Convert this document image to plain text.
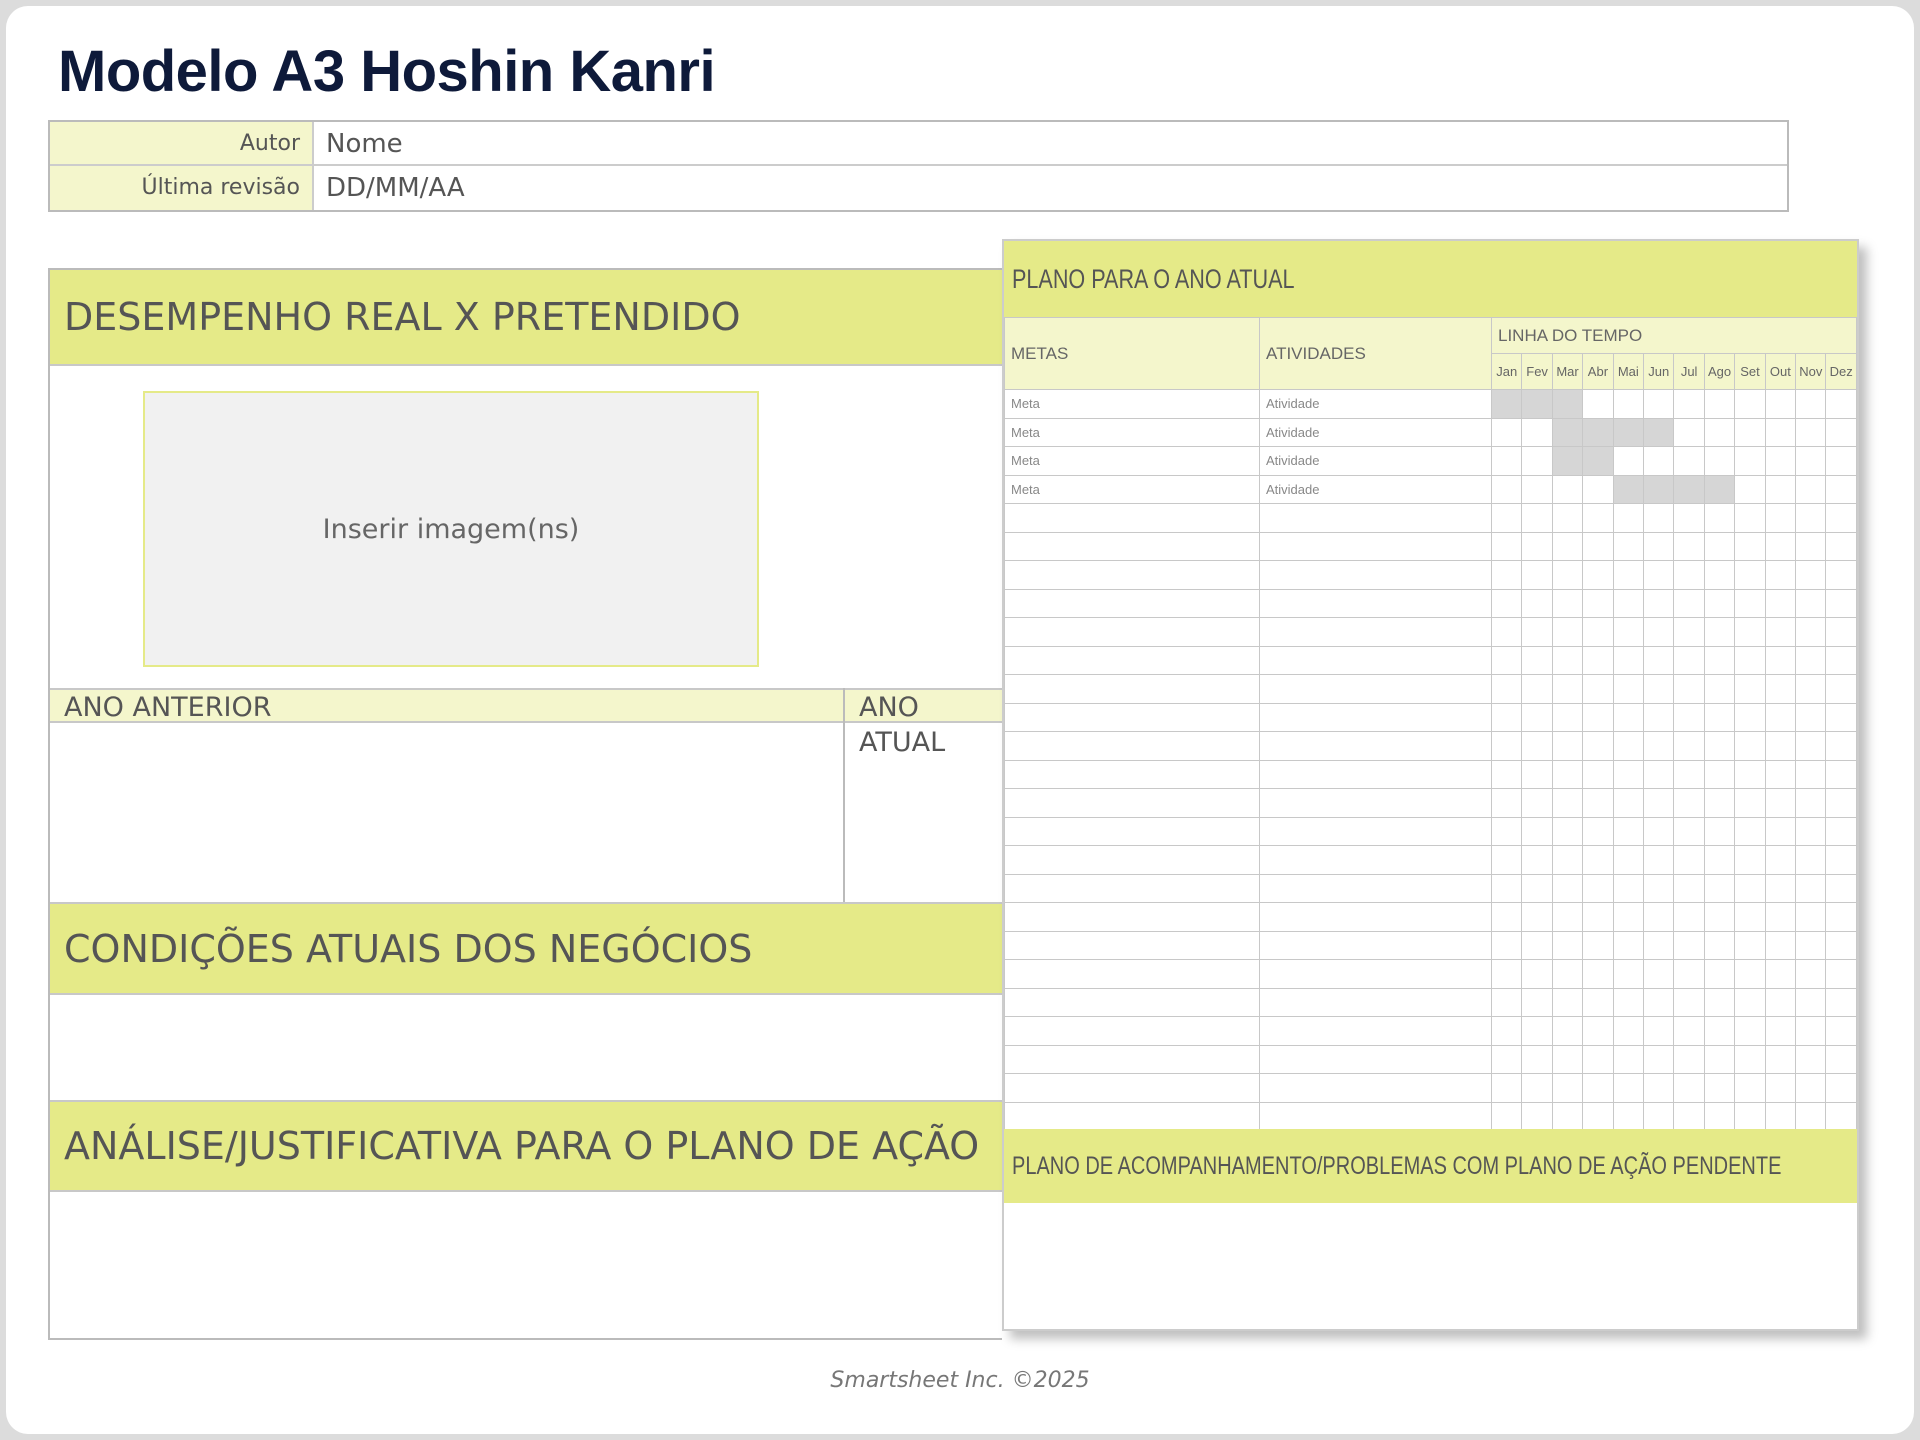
Modelo A3 Hoshin Kanri
Autor	Nome
Última revisão	DD/MM/AA
DESEMPENHO REAL X PRETENDIDO
Inserir imagem(ns)
ANO ANTERIOR	ANO ATUAL
CONDIÇÕES ATUAIS DOS NEGÓCIOS
ANÁLISE/JUSTIFICATIVA PARA O PLANO DE AÇÃO
PLANO PARA O ANO ATUAL
METAS	ATIVIDADES	LINHA DO TEMPO											
		Jan	Fev	Mar	Abr	Mai	Jun	Jul	Ago	Set	Out	Nov	Dez
Meta	Atividade												
Meta	Atividade												
Meta	Atividade												
Meta	Atividade												

PLANO DE ACOMPANHAMENTO/PROBLEMAS COM PLANO DE AÇÃO PENDENTE
Smartsheet Inc. ©2025
